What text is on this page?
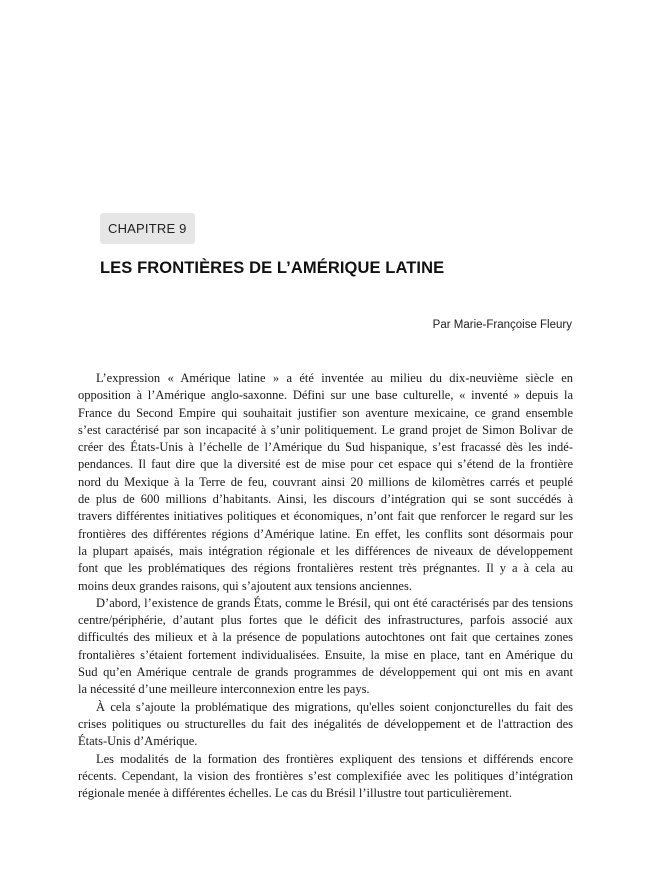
CHAPITRE 9
LES FRONTIÈRES DE L’AMÉRIQUE LATINE
Par Marie-Françoise Fleury

L’expression « Amérique latine » a été inventée au milieu du dix-neuvième siècle en
opposition à l’Amérique anglo-saxonne. Défini sur une base culturelle, « inventé » depuis la
France du Second Empire qui souhaitait justifier son aventure mexicaine, ce grand ensemble
s’est caractérisé par son incapacité à s’unir politiquement. Le grand projet de Simon Bolivar de
créer des États-Unis à l’échelle de l’Amérique du Sud hispanique, s’est fracassé dès les indé-
pendances. Il faut dire que la diversité est de mise pour cet espace qui s’étend de la frontière
nord du Mexique à la Terre de feu, couvrant ainsi 20 millions de kilomètres carrés et peuplé
de plus de 600 millions d’habitants. Ainsi, les discours d’intégration qui se sont succédés à
travers différentes initiatives politiques et économiques, n’ont fait que renforcer le regard sur les
frontières des différentes régions d’Amérique latine. En effet, les conflits sont désormais pour
la plupart apaisés, mais intégration régionale et les différences de niveaux de développement
font que les problématiques des régions frontalières restent très prégnantes. Il y a à cela au
moins deux grandes raisons, qui s’ajoutent aux tensions anciennes.

D’abord, l’existence de grands États, comme le Brésil, qui ont été caractérisés par des tensions
centre/périphérie, d’autant plus fortes que le déficit des infrastructures, parfois associé aux
difficultés des milieux et à la présence de populations autochtones ont fait que certaines zones
frontalières s’étaient fortement individualisées. Ensuite, la mise en place, tant en Amérique du
Sud qu’en Amérique centrale de grands programmes de développement qui ont mis en avant
la nécessité d’une meilleure interconnexion entre les pays.

À cela s’ajoute la problématique des migrations, qu'elles soient conjoncturelles du fait des
crises politiques ou structurelles du fait des inégalités de développement et de l'attraction des
États-Unis d’Amérique.

Les modalités de la formation des frontières expliquent des tensions et différends encore
récents. Cependant, la vision des frontières s’est complexifiée avec les politiques d’intégration
régionale menée à différentes échelles. Le cas du Brésil l’illustre tout particulièrement.
